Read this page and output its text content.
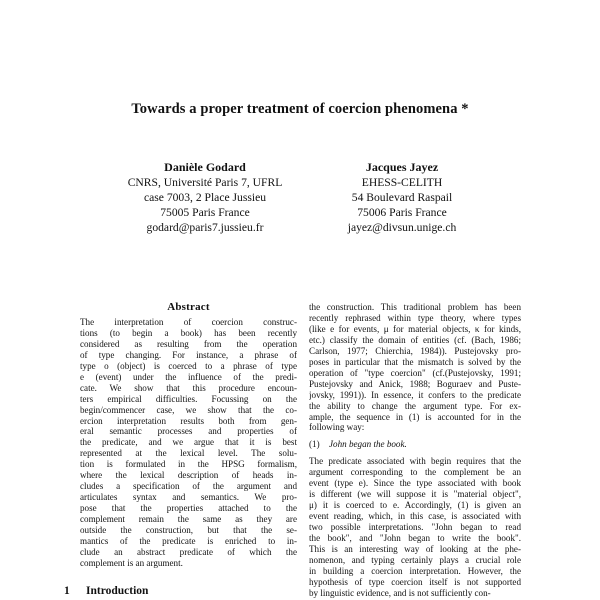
Towards a proper treatment of coercion phenomena *
Danièle Godard
CNRS, Université Paris 7, UFRL
case 7003, 2 Place Jussieu
75005 Paris France
godard@paris7.jussieu.fr
Jacques Jayez
EHESS-CELITH
54 Boulevard Raspail
75006 Paris France
jayez@divsun.unige.ch
Abstract
The interpretation of coercion construc-
tions (to begin a book) has been recently
considered as resulting from the operation
of type changing. For instance, a phrase of
type o (object) is coerced to a phrase of type
e (event) under the influence of the predi-
cate. We show that this procedure encoun-
ters empirical difficulties. Focussing on the
begin/commencer case, we show that the co-
ercion interpretation results both from gen-
eral semantic processes and properties of
the predicate, and we argue that it is best
represented at the lexical level. The solu-
tion is formulated in the HPSG formalism,
where the lexical description of heads in-
cludes a specification of the argument and
articulates syntax and semantics. We pro-
pose that the properties attached to the
complement remain the same as they are
outside the construction, but that the se-
mantics of the predicate is enriched to in-
clude an abstract predicate of which the
complement is an argument.
the construction. This traditional problem has been
recently rephrased within type theory, where types
(like e for events, μ for material objects, κ for kinds,
etc.) classify the domain of entities (cf. (Bach, 1986;
Carlson, 1977; Chierchia, 1984)). Pustejovsky pro-
poses in particular that the mismatch is solved by the
operation of "type coercion" (cf.(Pustejovsky, 1991;
Pustejovsky and Anick, 1988; Boguraev and Puste-
jovsky, 1991)). In essence, it confers to the predicate
the ability to change the argument type. For ex-
ample, the sequence in (1) is accounted for in the
following way:
(1) John began the book.
The predicate associated with begin requires that the
argument corresponding to the complement be an
event (type e). Since the type associated with book
is different (we will suppose it is "material object",
μ) it is coerced to e. Accordingly, (1) is given an
event reading, which, in this case, is associated with
two possible interpretations. "John began to read
the book", and "John began to write the book".
This is an interesting way of looking at the phe-
nomenon, and typing certainly plays a crucial role
in building a coercion interpretation. However, the
hypothesis of type coercion itself is not supported
by linguistic evidence, and is not sufficiently con-
1 Introduction
